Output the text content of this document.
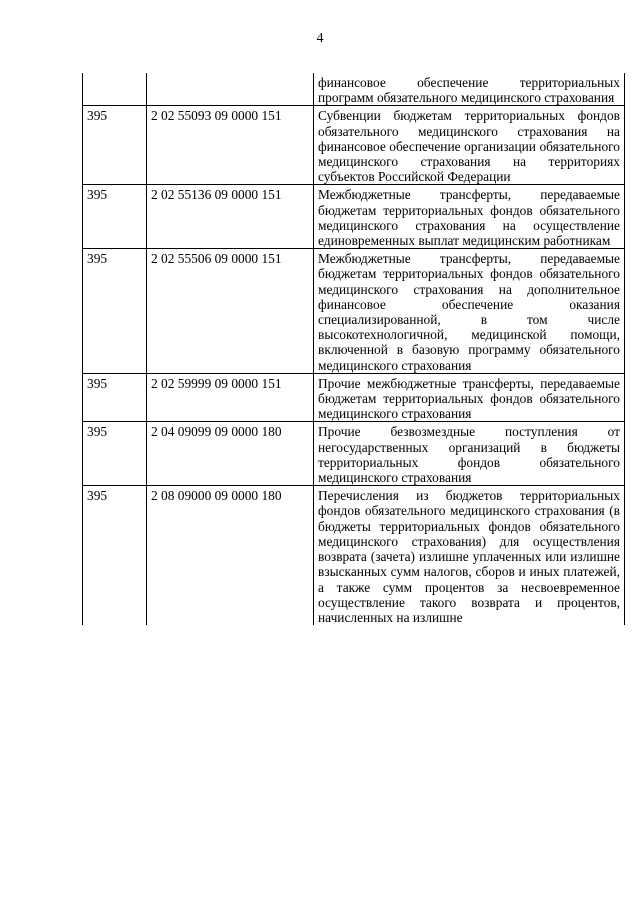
4
		финансовое обеспечение территориальных программ обязательного медицинского страхования
395	2 02 55093 09 0000 151	Субвенции бюджетам территориальных фондов обязательного медицинского страхования на финансовое обеспечение организации обязательного медицинского страхования на территориях субъектов Российской Федерации
395	2 02 55136 09 0000 151	Межбюджетные трансферты, передаваемые бюджетам территориальных фондов обязательного медицинского страхования на осуществление единовременных выплат медицинским работникам
395	2 02 55506 09 0000 151	Межбюджетные трансферты, передаваемые бюджетам территориальных фондов обязательного медицинского страхования на дополнительное финансовое обеспечение оказания специализированной, в том числе высокотехнологичной, медицинской помощи, включенной в базовую программу обязательного медицинского страхования
395	2 02 59999 09 0000 151	Прочие межбюджетные трансферты, передаваемые бюджетам территориальных фондов обязательного медицинского страхования
395	2 04 09099 09 0000 180	Прочие безвозмездные поступления от негосударственных организаций в бюджеты территориальных фондов обязательного медицинского страхования
395	2 08 09000 09 0000 180	Перечисления из бюджетов территориальных фондов обязательного медицинского страхования (в бюджеты территориальных фондов обязательного медицинского страхования) для осуществления возврата (зачета) излишне уплаченных или излишне взысканных сумм налогов, сборов и иных платежей, а также сумм процентов за несвоевременное осуществление такого возврата и процентов, начисленных на излишне
